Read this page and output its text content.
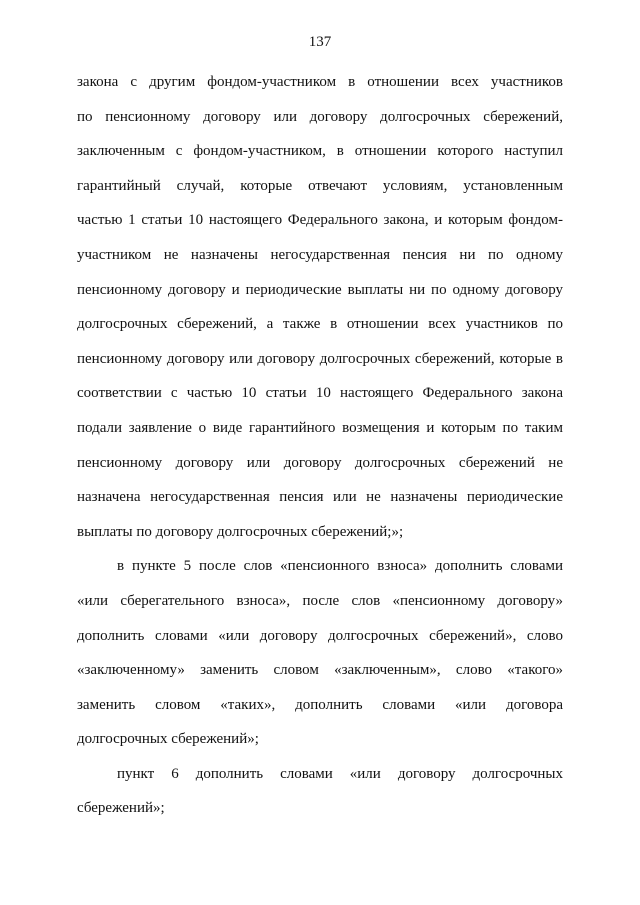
137
закона с другим фондом-участником в отношении всех участников
по пенсионному договору или договору долгосрочных сбережений,
заключенным с фондом-участником, в отношении которого наступил
гарантийный случай, которые отвечают условиям, установленным
частью 1 статьи 10 настоящего Федерального закона, и которым фондом-
участником не назначены негосударственная пенсия ни по одному
пенсионному договору и периодические выплаты ни по одному договору
долгосрочных сбережений, а также в отношении всех участников по
пенсионному договору или договору долгосрочных сбережений, которые в
соответствии с частью 10 статьи 10 настоящего Федерального закона
подали заявление о виде гарантийного возмещения и которым по таким
пенсионному договору или договору долгосрочных сбережений не
назначена негосударственная пенсия или не назначены периодические
выплаты по договору долгосрочных сбережений;»;
в пункте 5 после слов «пенсионного взноса» дополнить словами
«или сберегательного взноса», после слов «пенсионному договору»
дополнить словами «или договору долгосрочных сбережений», слово
«заключенному» заменить словом «заключенным», слово «такого»
заменить словом «таких», дополнить словами «или договора
долгосрочных сбережений»;
пункт 6 дополнить словами «или договору долгосрочных
сбережений»;
